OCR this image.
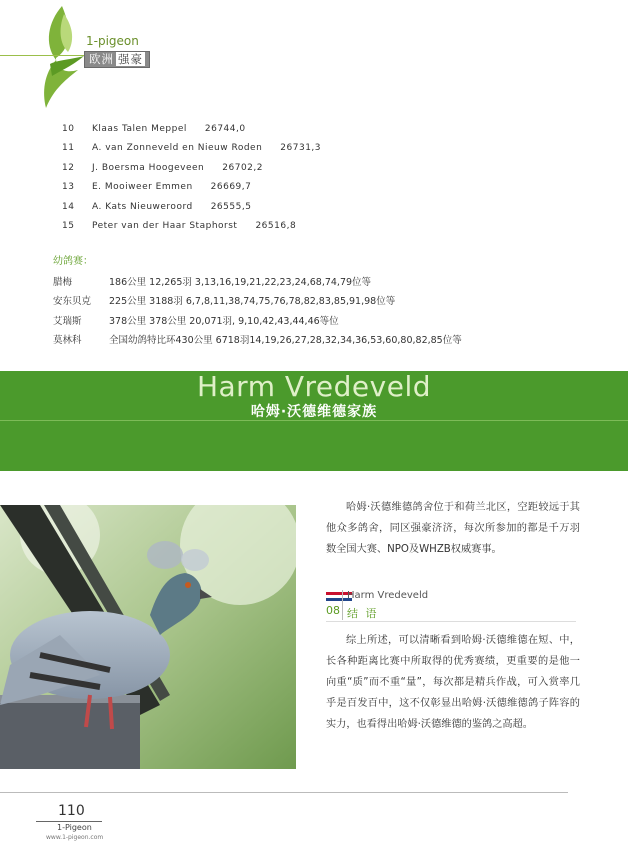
1-pigeon
欧洲 强豪
10	Klaas Talen Meppel 26744,0
11	A. van Zonneveld en Nieuw Roden 26731,3
12	J. Boersma Hoogeveen 26702,2
13	E. Mooiweer Emmen 26669,7
14	A. Kats Nieuweroord 26555,5
15	Peter van der Haar Staphorst 26516,8
幼鸽赛：
腊梅	186公里 12,265羽 3,13,16,19,21,22,23,24,68,74,79位等
安东贝克	225公里 3188羽 6,7,8,11,38,74,75,76,78,82,83,85,91,98位等
艾瑞斯	378公里 378公里 20,071羽, 9,10,42,43,44,46等位
莫林科	全国幼鸽特比环430公里 6718羽14,19,26,27,28,32,34,36,53,60,80,82,85位等
Harm Vredeveld
哈姆·沃德维德家族
哈姆·沃德维德鸽舍位于和荷兰北区，空距较远于其他众多鸽舍，同区强豪济济，每次所参加的都是千万羽数全国大赛、NPO及WHZB权威赛事。
08
Harm Vredeveld
结 语
综上所述，可以清晰看到哈姆·沃德维德在短、中，长各种距离比赛中所取得的优秀赛绩，更重要的是他一向重“质”而不重“量”，每次都是精兵作战，可入赏率几乎是百发百中，这不仅彰显出哈姆·沃德维德鸽子阵容的实力，也看得出哈姆·沃德维德的鉴鸽之高超。
110
1-Pigeon
www.1-pigeon.com
